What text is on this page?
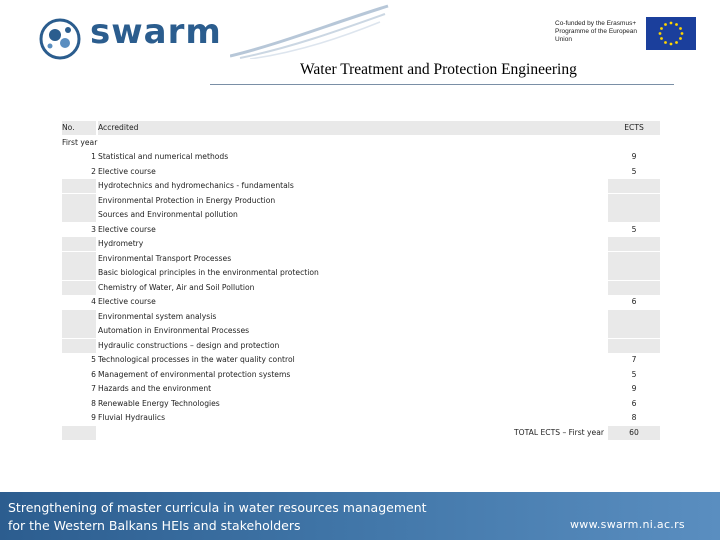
swarm	Co-funded by the Erasmus+ Programme of the European Union
Water Treatment and Protection Engineering
No.	Accredited	ECTS
First year
1 Statistical and numerical methods	9
2 Elective course	5
Hydrotechnics and hydromechanics - fundamentals
Environmental Protection in Energy Production
Sources and Environmental pollution
3 Elective course	5
Hydrometry
Environmental Transport Processes
Basic biological principles in the environmental protection
Chemistry of Water, Air and Soil Pollution
4 Elective course	6
Environmental system analysis
Automation in Environmental Processes
Hydraulic constructions – design and protection
5 Technological processes in the water quality control	7
6 Management of environmental protection systems	5
7 Hazards and the environment	9
8 Renewable Energy Technologies	6
9 Fluvial Hydraulics	8
TOTAL ECTS – First year	60
Strengthening of master curricula in water resources management
for the Western Balkans HEIs and stakeholders	www.swarm.ni.ac.rs
